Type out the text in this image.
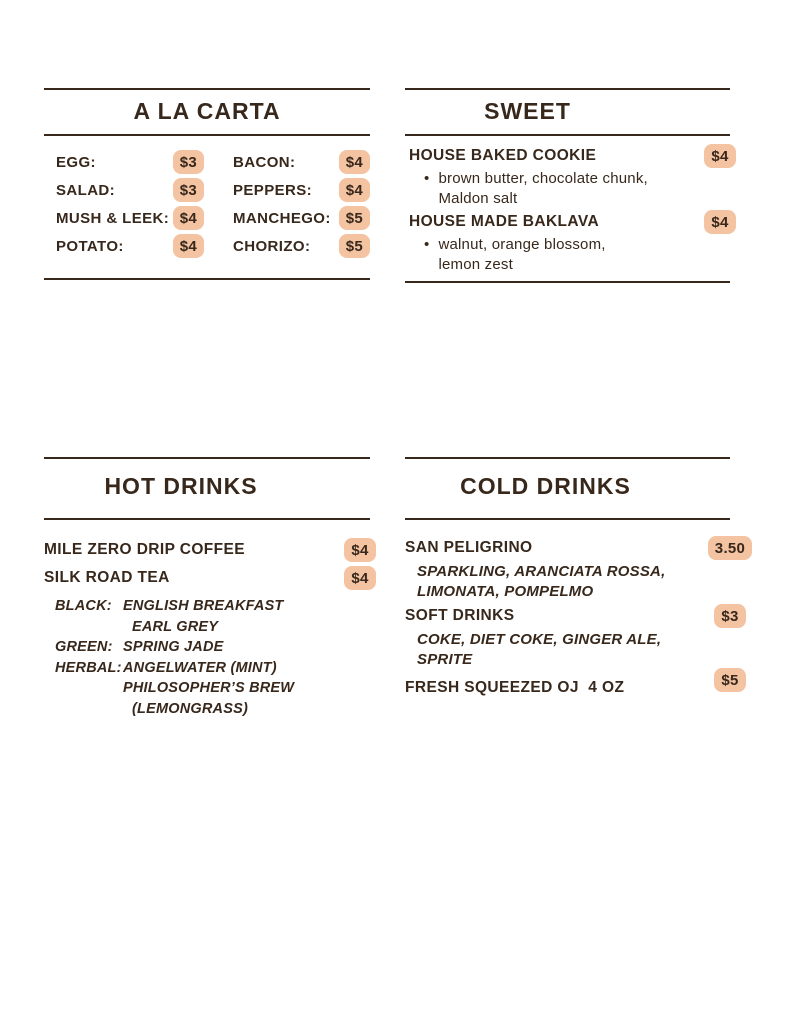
A LA CARTA
EGG:	$3	BACON:	$4
SALAD:	$3	PEPPERS:	$4
MUSH & LEEK: $4	MANCHEGO: $5
POTATO:	$4	CHORIZO:	$5
SWEET
HOUSE BAKED COOKIE	$4
• brown butter, chocolate chunk,
Maldon salt
HOUSE MADE BAKLAVA	$4
• walnut, orange blossom,
lemon zest
HOT DRINKS
MILE ZERO DRIP COFFEE	$4
SILK ROAD TEA	$4
BLACK: ENGLISH BREAKFAST
EARL GREY
GREEN: SPRING JADE
HERBAL: ANGELWATER (MINT)
PHILOSOPHER’S BREW
(LEMONGRASS)
COLD DRINKS
SAN PELIGRINO	3.50
SPARKLING, ARANCIATA ROSSA,
LIMONATA, POMPELMO
SOFT DRINKS	$3
COKE, DIET COKE, GINGER ALE,
SPRITE
FRESH SQUEEZED OJ  4 OZ	$5
